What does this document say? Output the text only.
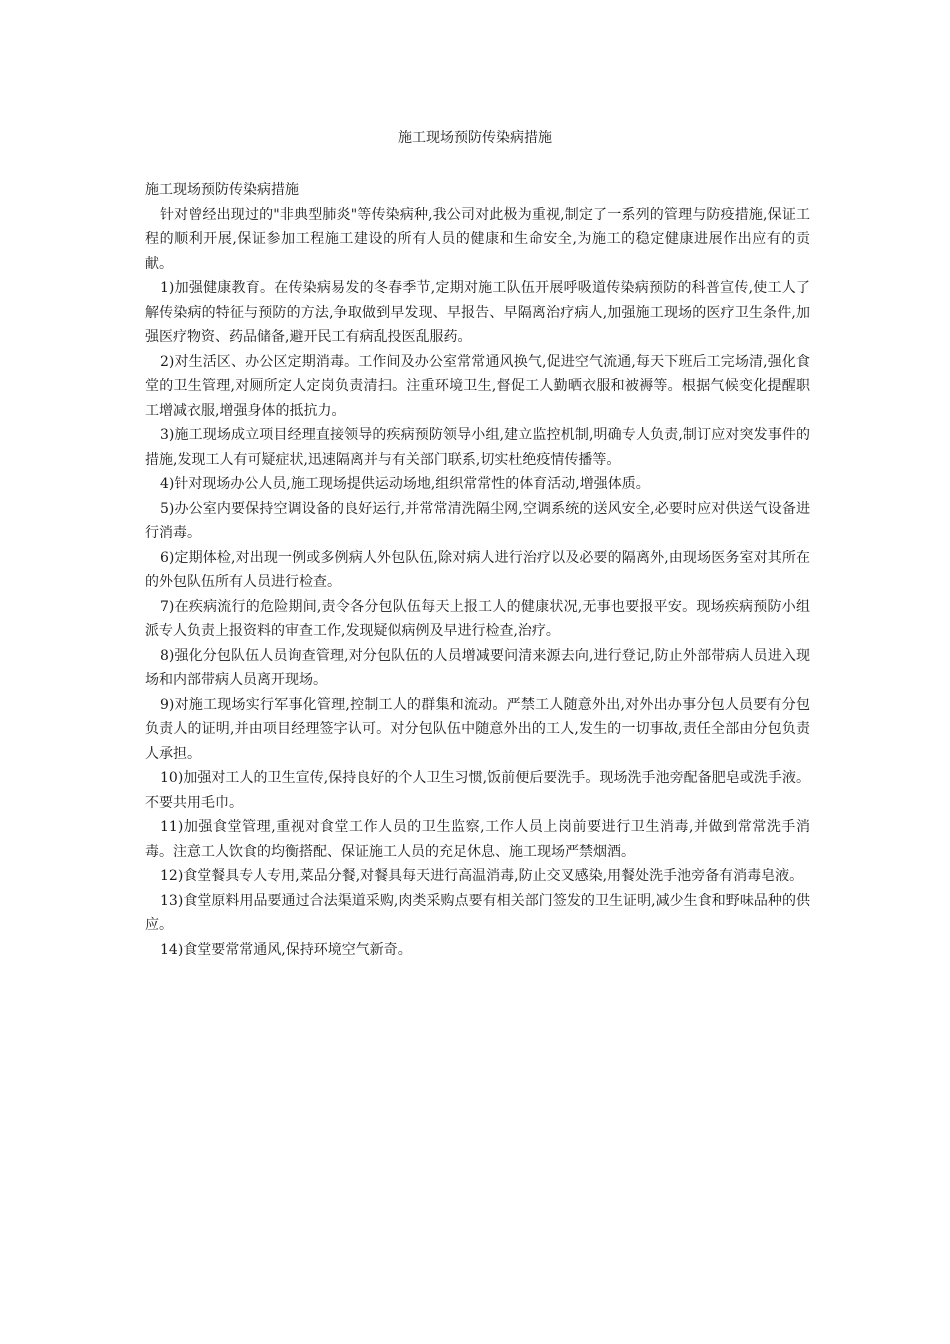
施工现场预防传染病措施

施工现场预防传染病措施

针对曾经出现过的"非典型肺炎"等传染病种,我公司对此极为重视,制定了一系列的管理与防疫措施,保证工程的顺利开展,保证参加工程施工建设的所有人员的健康和生命安全,为施工的稳定健康进展作出应有的贡献。

1)加强健康教育。在传染病易发的冬春季节,定期对施工队伍开展呼吸道传染病预防的科普宣传,使工人了解传染病的特征与预防的方法,争取做到早发现、早报告、早隔离治疗病人,加强施工现场的医疗卫生条件,加强医疗物资、药品储备,避开民工有病乱投医乱服药。

2)对生活区、办公区定期消毒。工作间及办公室常常通风换气,促进空气流通,每天下班后工完场清,强化食堂的卫生管理,对厕所定人定岗负责清扫。注重环境卫生,督促工人勤晒衣服和被褥等。根据气候变化提醒职工增减衣服,增强身体的抵抗力。

3)施工现场成立项目经理直接领导的疾病预防领导小组,建立监控机制,明确专人负责,制订应对突发事件的措施,发现工人有可疑症状,迅速隔离并与有关部门联系,切实杜绝疫情传播等。

4)针对现场办公人员,施工现场提供运动场地,组织常常性的体育活动,增强体质。

5)办公室内要保持空调设备的良好运行,并常常清洗隔尘网,空调系统的送风安全,必要时应对供送气设备进行消毒。

6)定期体检,对出现一例或多例病人外包队伍,除对病人进行治疗以及必要的隔离外,由现场医务室对其所在的外包队伍所有人员进行检查。

7)在疾病流行的危险期间,责令各分包队伍每天上报工人的健康状况,无事也要报平安。现场疾病预防小组派专人负责上报资料的审查工作,发现疑似病例及早进行检查,治疗。

8)强化分包队伍人员询查管理,对分包队伍的人员增减要问清来源去向,进行登记,防止外部带病人员进入现场和内部带病人员离开现场。

9)对施工现场实行军事化管理,控制工人的群集和流动。严禁工人随意外出,对外出办事分包人员要有分包负责人的证明,并由项目经理签字认可。对分包队伍中随意外出的工人,发生的一切事故,责任全部由分包负责人承担。

10)加强对工人的卫生宣传,保持良好的个人卫生习惯,饭前便后要洗手。现场洗手池旁配备肥皂或洗手液。不要共用毛巾。

11)加强食堂管理,重视对食堂工作人员的卫生监察,工作人员上岗前要进行卫生消毒,并做到常常洗手消毒。注意工人饮食的均衡搭配、保证施工人员的充足休息、施工现场严禁烟酒。

12)食堂餐具专人专用,菜品分餐,对餐具每天进行高温消毒,防止交叉感染,用餐处洗手池旁备有消毒皂液。

13)食堂原料用品要通过合法渠道采购,肉类采购点要有相关部门签发的卫生证明,减少生食和野味品种的供应。

14)食堂要常常通风,保持环境空气新奇。
